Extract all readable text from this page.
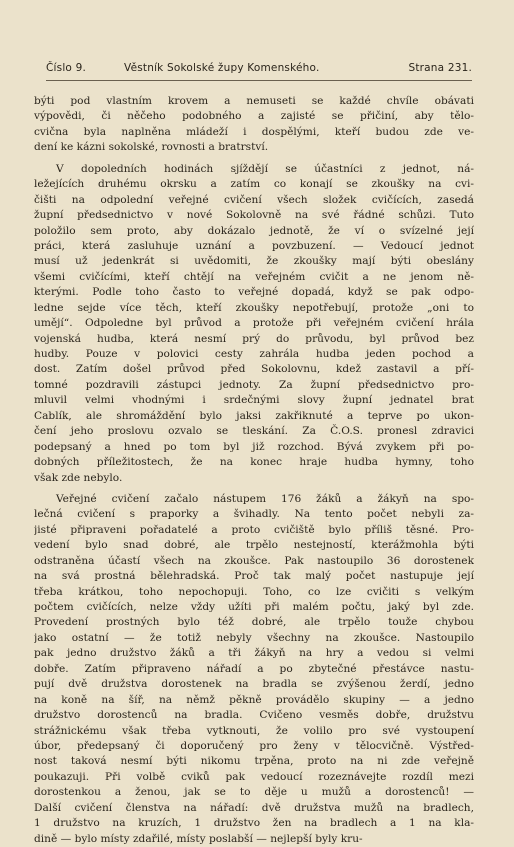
Číslo 9.	Věstník Sokolské župy Komenského.	Strana 231.
býti pod vlastním krovem a nemuseti se každé chvíle obávati
výpovědi, či něčeho podobného a zajisté se přičiní, aby tělo-
cvična byla naplněna mládeží i dospělými, kteří budou zde ve-
dení ke kázni sokolské, rovnosti a bratrství.
V dopoledních hodinách sjíždějí se účastníci z jednot, ná-
ležejících druhému okrsku a zatím co konají se zkoušky na cvi-
čišti na odpolední veřejné cvičení všech složek cvičících, zasedá
župní předsednictvo v nové Sokolovně na své řádné schůzi. Tuto
položilo sem proto, aby dokázalo jednotě, že ví o svízelné její
práci, která zasluhuje uznání a povzbuzení. — Vedoucí jednot
musí už jedenkrát si uvědomiti, že zkoušky mají býti obeslány
všemi cvičícími, kteří chtějí na veřejném cvičit a ne jenom ně-
kterými. Podle toho často to veřejné dopadá, když se pak odpo-
ledne sejde více těch, kteří zkoušky nepotřebují, protože „oni to
umějí“. Odpoledne byl průvod a protože při veřejném cvičení hrála
vojenská hudba, která nesmí prý do průvodu, byl průvod bez
hudby. Pouze v polovici cesty zahrála hudba jeden pochod a
dost. Zatím došel průvod před Sokolovnu, kdež zastavil a pří-
tomné pozdravili zástupci jednoty. Za župní předsednictvo pro-
mluvil velmi vhodnými i srdečnými slovy župní jednatel brat
Cablík, ale shromáždění bylo jaksi zakřiknuté a teprve po ukon-
čení jeho proslovu ozvalo se tleskání. Za Č.O.S. pronesl zdravici
podepsaný a hned po tom byl již rozchod. Bývá zvykem při po-
dobných příležitostech, že na konec hraje hudba hymny, toho
však zde nebylo.
Veřejné cvičení začalo nástupem 176 žáků a žákyň na spo-
lečná cvičení s praporky a švihadly. Na tento počet nebyli za-
jisté připraveni pořadatelé a proto cvičiště bylo příliš těsné. Pro-
vedení bylo snad dobré, ale trpělo nestejností, kterážmohla býti
odstraněna účastí všech na zkoušce. Pak nastoupilo 36 dorostenek
na svá prostná bělehradská. Proč tak malý počet nastupuje její
třeba krátkou, toho nepochopuji. Toho, co lze cvičiti s velkým
počtem cvičících, nelze vždy užíti při malém počtu, jaký byl zde.
Provedení prostných bylo též dobré, ale trpělo touže chybou
jako ostatní — že totiž nebyly všechny na zkoušce. Nastoupilo
pak jedno družstvo žáků a tři žákyň na hry a vedou si velmi
dobře. Zatím připraveno nářadí a po zbytečné přestávce nastu-
pují dvě družstva dorostenek na bradla se zvýšenou žerdí, jedno
na koně na šíř, na němž pěkně provádělo skupiny — a jedno
družstvo dorostenců na bradla. Cvičeno vesměs dobře, družstvu
strážnickému však třeba vytknouti, že volilo pro své vystoupení
úbor, předepsaný či doporučený pro ženy v tělocvičně. Výstřed-
nost taková nesmí býti nikomu trpěna, proto na ni zde veřejně
poukazuji. Při volbě cviků pak vedoucí rozeznávejte rozdíl mezi
dorostenkou a ženou, jak se to děje u mužů a dorostenců! —
Další cvičení členstva na nářadí: dvě družstva mužů na bradlech,
1 družstvo na kruzích, 1 družstvo žen na bradlech a 1 na kla-
dině — bylo místy zdařilé, místy poslabší — nejlepší byly kru-
